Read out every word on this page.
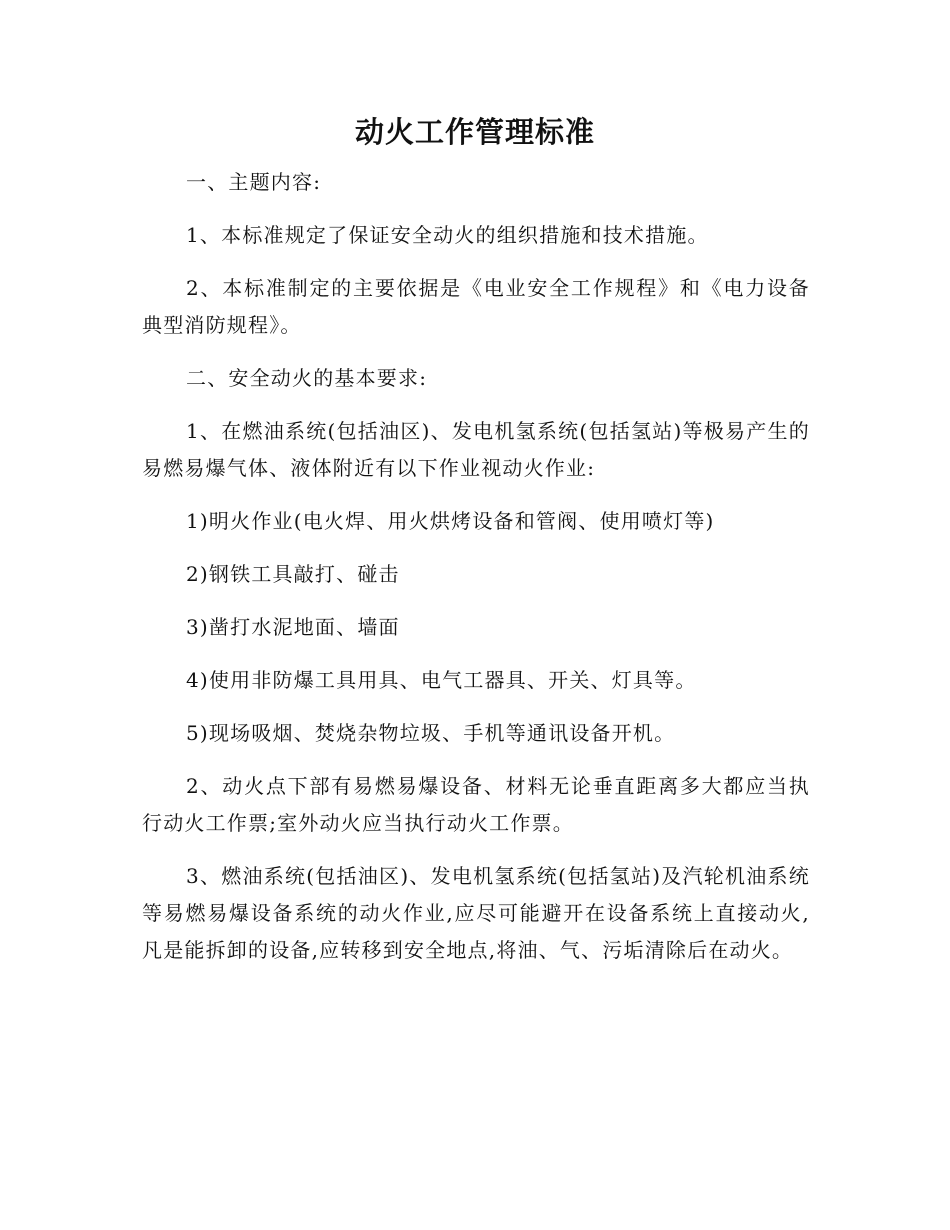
动火工作管理标准

一、主题内容:

1、本标准规定了保证安全动火的组织措施和技术措施。

2、本标准制定的主要依据是《电业安全工作规程》和《电力设备典型消防规程》。

二、安全动火的基本要求:

1、在燃油系统(包括油区)、发电机氢系统(包括氢站)等极易产生的易燃易爆气体、液体附近有以下作业视动火作业:

1)明火作业(电火焊、用火烘烤设备和管阀、使用喷灯等)

2)钢铁工具敲打、碰击

3)凿打水泥地面、墙面

4)使用非防爆工具用具、电气工器具、开关、灯具等。

5)现场吸烟、焚烧杂物垃圾、手机等通讯设备开机。

2、动火点下部有易燃易爆设备、材料无论垂直距离多大都应当执行动火工作票;室外动火应当执行动火工作票。

3、燃油系统(包括油区)、发电机氢系统(包括氢站)及汽轮机油系统等易燃易爆设备系统的动火作业,应尽可能避开在设备系统上直接动火,凡是能拆卸的设备,应转移到安全地点,将油、气、污垢清除后在动火。
